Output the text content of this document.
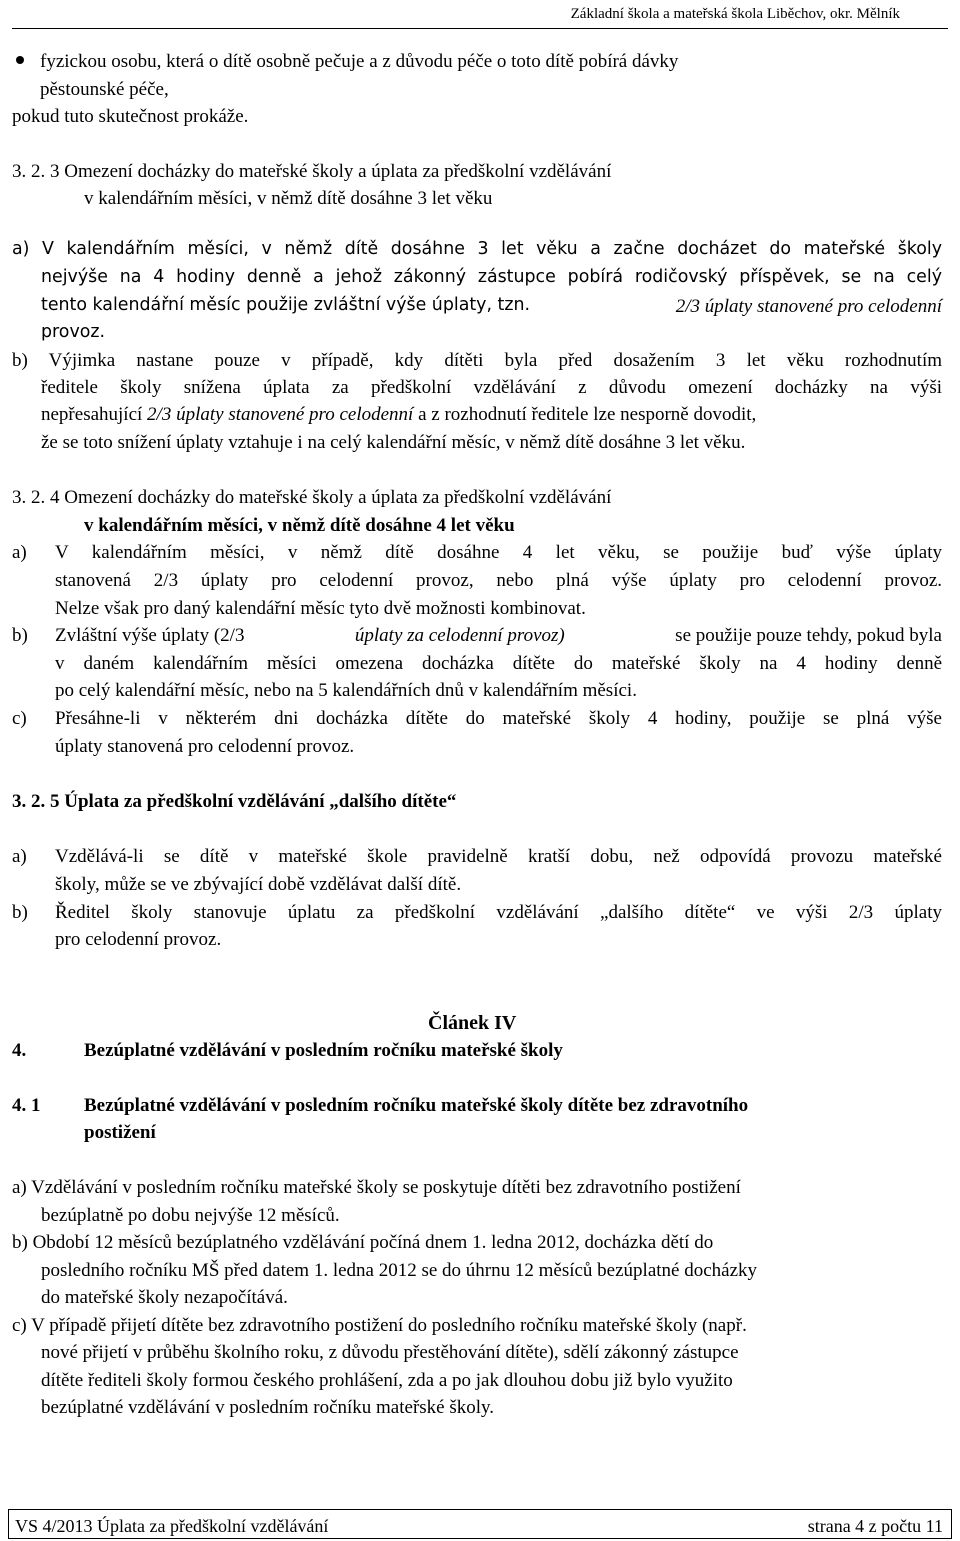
Základní škola a mateřská škola Liběchov, okr. Mělník
fyzickou osobu, která o dítě osobně pečuje a z důvodu péče o toto dítě pobírá dávky
pěstounské péče,
pokud tuto skutečnost prokáže.
3. 2. 3 Omezení docházky do mateřské školy a úplata za předškolní vzdělávání
v kalendářním měsíci, v němž dítě dosáhne 3 let věku
a) V kalendářním měsíci, v němž dítě dosáhne 3 let věku a začne docházet do mateřské školy
nejvýše na 4 hodiny denně a jehož zákonný zástupce pobírá rodičovský příspěvek, se na celý
tento kalendářní měsíc použije zvláštní výše úplaty, tzn.	2/3 úplaty stanovené pro celodenní
provoz.
b) Výjimka nastane pouze v případě, kdy dítěti byla před dosažením 3 let věku rozhodnutím
ředitele školy snížena úplata za předškolní vzdělávání z důvodu omezení docházky na výši
nepřesahující 2/3 úplaty stanovené pro celodenní a z rozhodnutí ředitele lze nesporně dovodit,
že se toto snížení úplaty vztahuje i na celý kalendářní měsíc, v němž dítě dosáhne 3 let věku.
3. 2. 4 Omezení docházky do mateřské školy a úplata za předškolní vzdělávání
v kalendářním měsíci, v němž dítě dosáhne 4 let věku
a) V kalendářním měsíci, v němž dítě dosáhne 4 let věku, se použije buď výše úplaty
stanovená 2/3 úplaty pro celodenní provoz, nebo plná výše úplaty pro celodenní provoz.
Nelze však pro daný kalendářní měsíc tyto dvě možnosti kombinovat.
b) Zvláštní výše úplaty (2/3	úplaty za celodenní provoz)	se použije pouze tehdy, pokud byla
v daném kalendářním měsíci omezena docházka dítěte do mateřské školy na 4 hodiny denně
po celý kalendářní měsíc, nebo na 5 kalendářních dnů v kalendářním měsíci.
c) Přesáhne-li v některém dni docházka dítěte do mateřské školy 4 hodiny, použije se plná výše
úplaty stanovená pro celodenní provoz.
3. 2. 5 Úplata za předškolní vzdělávání „dalšího dítěte“
a) Vzdělává-li se dítě v mateřské škole pravidelně kratší dobu, než odpovídá provozu mateřské
školy, může se ve zbývající době vzdělávat další dítě.
b) Ředitel školy stanovuje úplatu za předškolní vzdělávání „dalšího dítěte“ ve výši 2/3 úplaty
pro celodenní provoz.
Článek IV
4.	Bezúplatné vzdělávání v posledním ročníku mateřské školy
4. 1 Bezúplatné vzdělávání v posledním ročníku mateřské školy dítěte bez zdravotního
postižení
a) Vzdělávání v posledním ročníku mateřské školy se poskytuje dítěti bez zdravotního postižení
bezúplatně po dobu nejvýše 12 měsíců.
b) Období 12 měsíců bezúplatného vzdělávání počíná dnem 1. ledna 2012, docházka dětí do
posledního ročníku MŠ před datem 1. ledna 2012 se do úhrnu 12 měsíců bezúplatné docházky
do mateřské školy nezapočítává.
c) V případě přijetí dítěte bez zdravotního postižení do posledního ročníku mateřské školy (např.
nové přijetí v průběhu školního roku, z důvodu přestěhování dítěte), sdělí zákonný zástupce
dítěte řediteli školy formou českého prohlášení, zda a po jak dlouhou dobu již bylo využito
bezúplatné vzdělávání v posledním ročníku mateřské školy.
VS 4/2013 Úplata za předškolní vzdělávání	strana 4 z počtu 11
